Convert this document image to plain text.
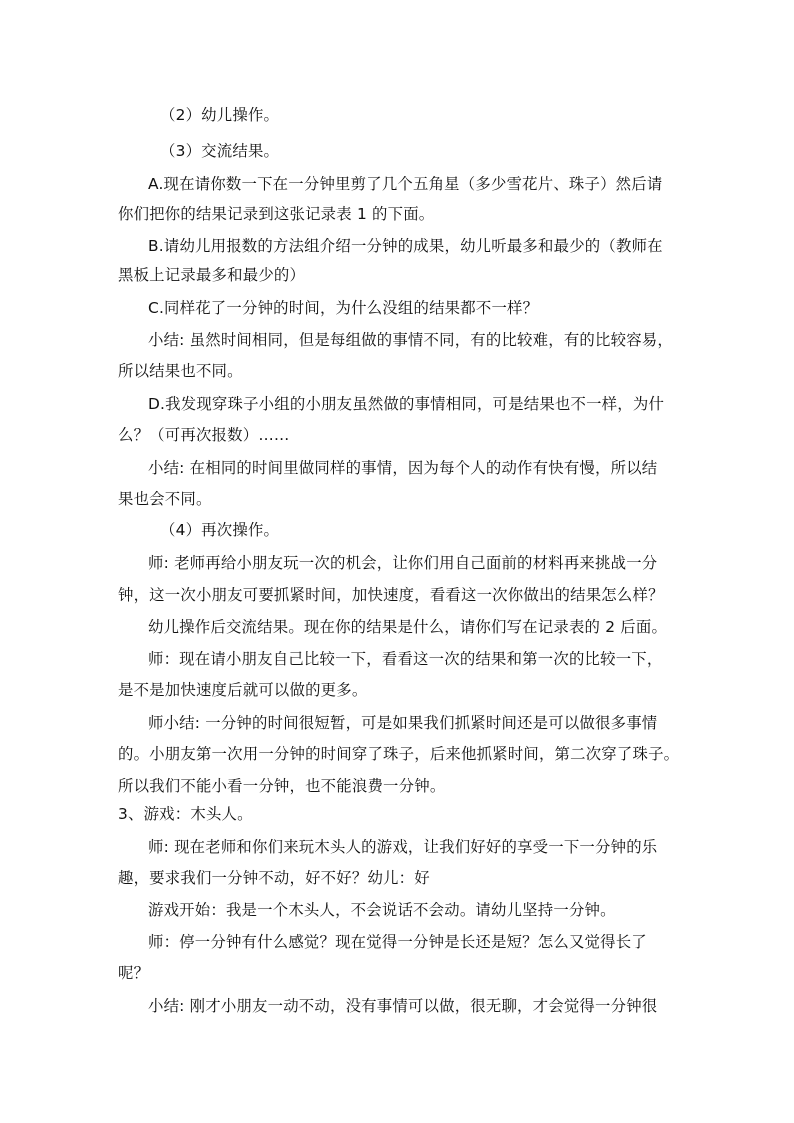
（2）幼儿操作。
（3）交流结果。
A.现在请你数一下在一分钟里剪了几个五角星（多少雪花片、珠子）然后请
你们把你的结果记录到这张记录表 1 的下面。
B.请幼儿用报数的方法组介绍一分钟的成果，幼儿听最多和最少的（教师在
黑板上记录最多和最少的）
C.同样花了一分钟的时间，为什么没组的结果都不一样？
小结: 虽然时间相同，但是每组做的事情不同，有的比较难，有的比较容易，
所以结果也不同。
D.我发现穿珠子小组的小朋友虽然做的事情相同，可是结果也不一样，为什
么？（可再次报数）……
小结: 在相同的时间里做同样的事情，因为每个人的动作有快有慢，所以结
果也会不同。
（4）再次操作。
师: 老师再给小朋友玩一次的机会，让你们用自己面前的材料再来挑战一分
钟，这一次小朋友可要抓紧时间，加快速度，看看这一次你做出的结果怎么样？
幼儿操作后交流结果。现在你的结果是什么，请你们写在记录表的 2 后面。
师：现在请小朋友自己比较一下，看看这一次的结果和第一次的比较一下，
是不是加快速度后就可以做的更多。
师小结: 一分钟的时间很短暂，可是如果我们抓紧时间还是可以做很多事情
的。小朋友第一次用一分钟的时间穿了珠子，后来他抓紧时间，第二次穿了珠子。
所以我们不能小看一分钟，也不能浪费一分钟。
3、游戏：木头人。
师: 现在老师和你们来玩木头人的游戏，让我们好好的享受一下一分钟的乐
趣，要求我们一分钟不动，好不好？幼儿：好
游戏开始：我是一个木头人，不会说话不会动。请幼儿坚持一分钟。
师：停一分钟有什么感觉？现在觉得一分钟是长还是短？怎么又觉得长了
呢？
小结: 刚才小朋友一动不动，没有事情可以做，很无聊，才会觉得一分钟很
